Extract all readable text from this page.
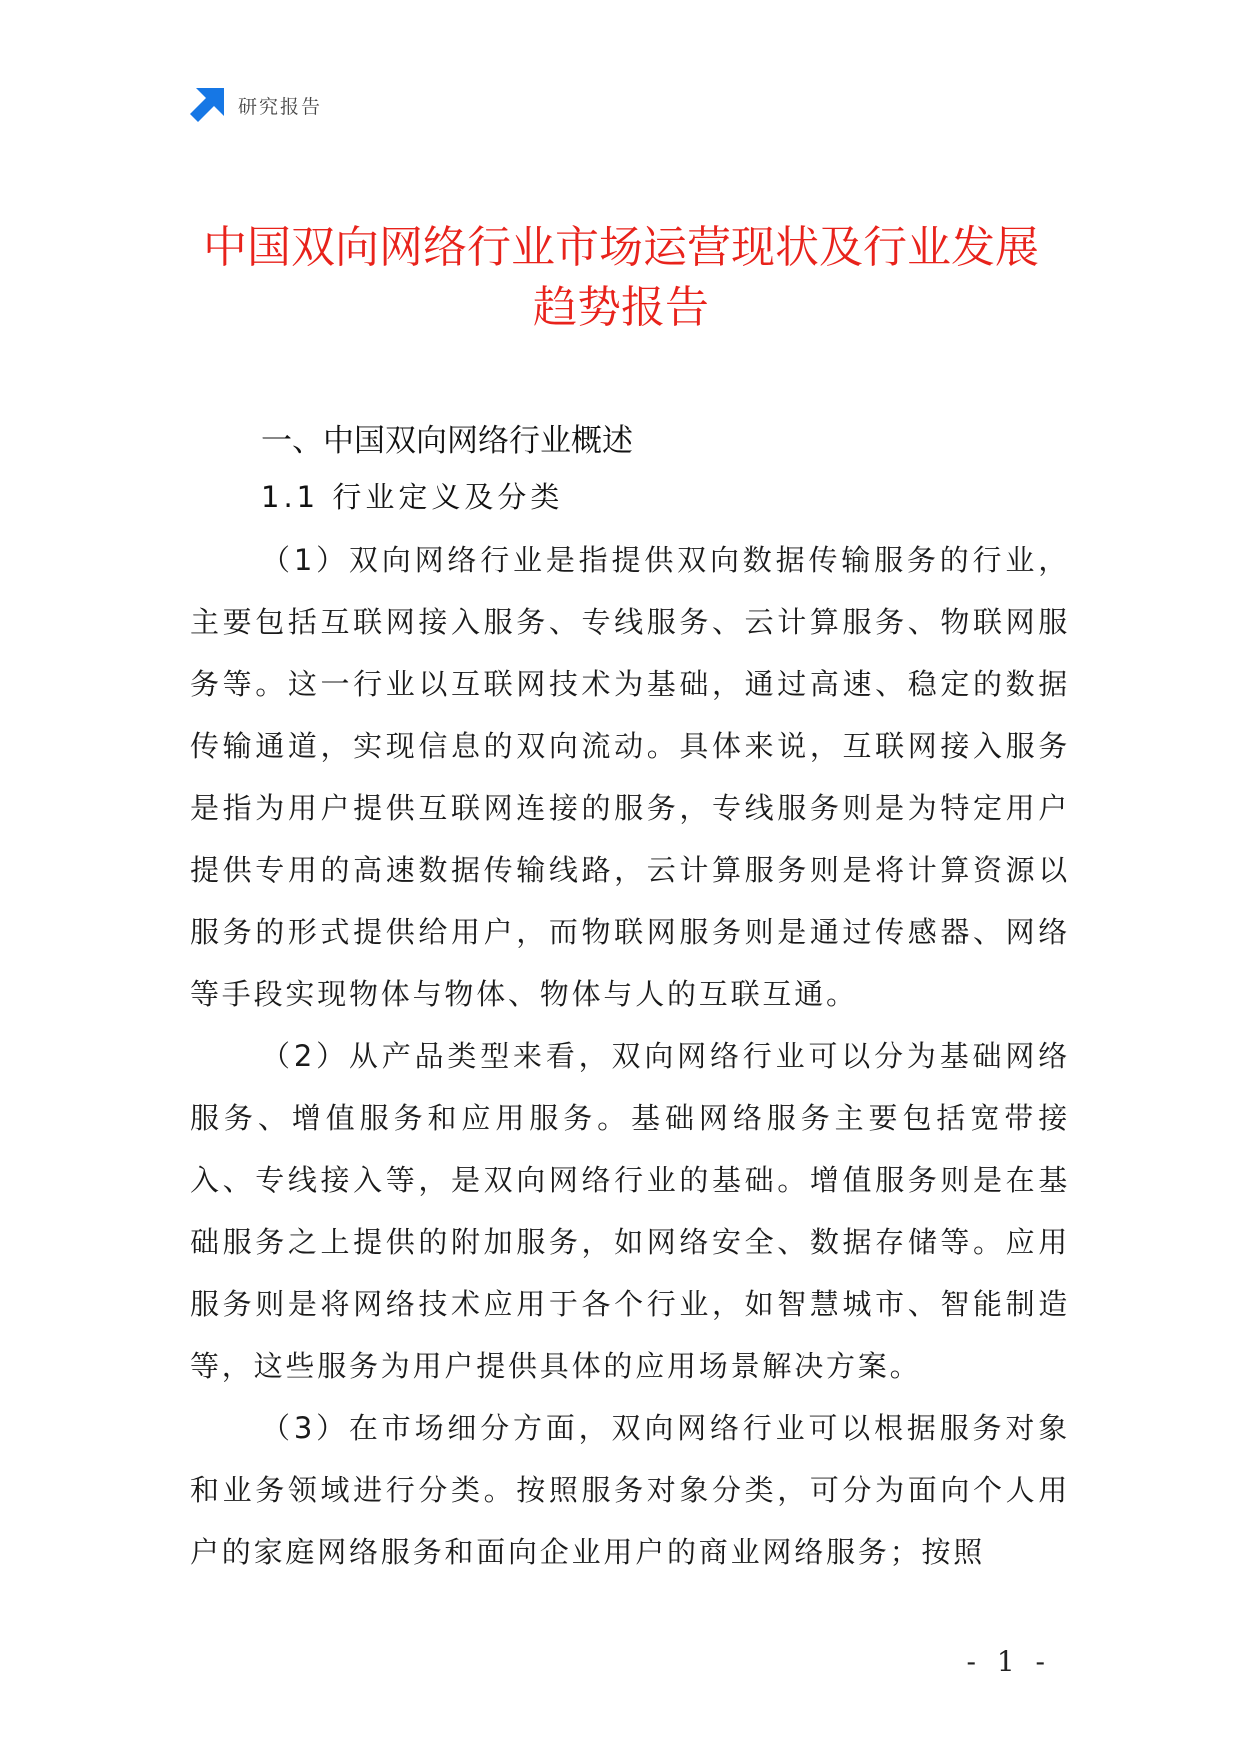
研究报告
中国双向网络行业市场运营现状及行业发展趋势报告
一、中国双向网络行业概述
1.1 行业定义及分类

（1）双向网络行业是指提供双向数据传输服务的行业，主要包括互联网接入服务、专线服务、云计算服务、物联网服务等。这一行业以互联网技术为基础，通过高速、稳定的数据传输通道，实现信息的双向流动。具体来说，互联网接入服务是指为用户提供互联网连接的服务，专线服务则是为特定用户提供专用的高速数据传输线路，云计算服务则是将计算资源以服务的形式提供给用户，而物联网服务则是通过传感器、网络等手段实现物体与物体、物体与人的互联互通。

（2）从产品类型来看，双向网络行业可以分为基础网络服务、增值服务和应用服务。基础网络服务主要包括宽带接入、专线接入等，是双向网络行业的基础。增值服务则是在基础服务之上提供的附加服务，如网络安全、数据存储等。应用服务则是将网络技术应用于各个行业，如智慧城市、智能制造等，这些服务为用户提供具体的应用场景解决方案。

（3）在市场细分方面，双向网络行业可以根据服务对象和业务领域进行分类。按照服务对象分类，可分为面向个人用户的家庭网络服务和面向企业用户的商业网络服务；按照

- 1 -
